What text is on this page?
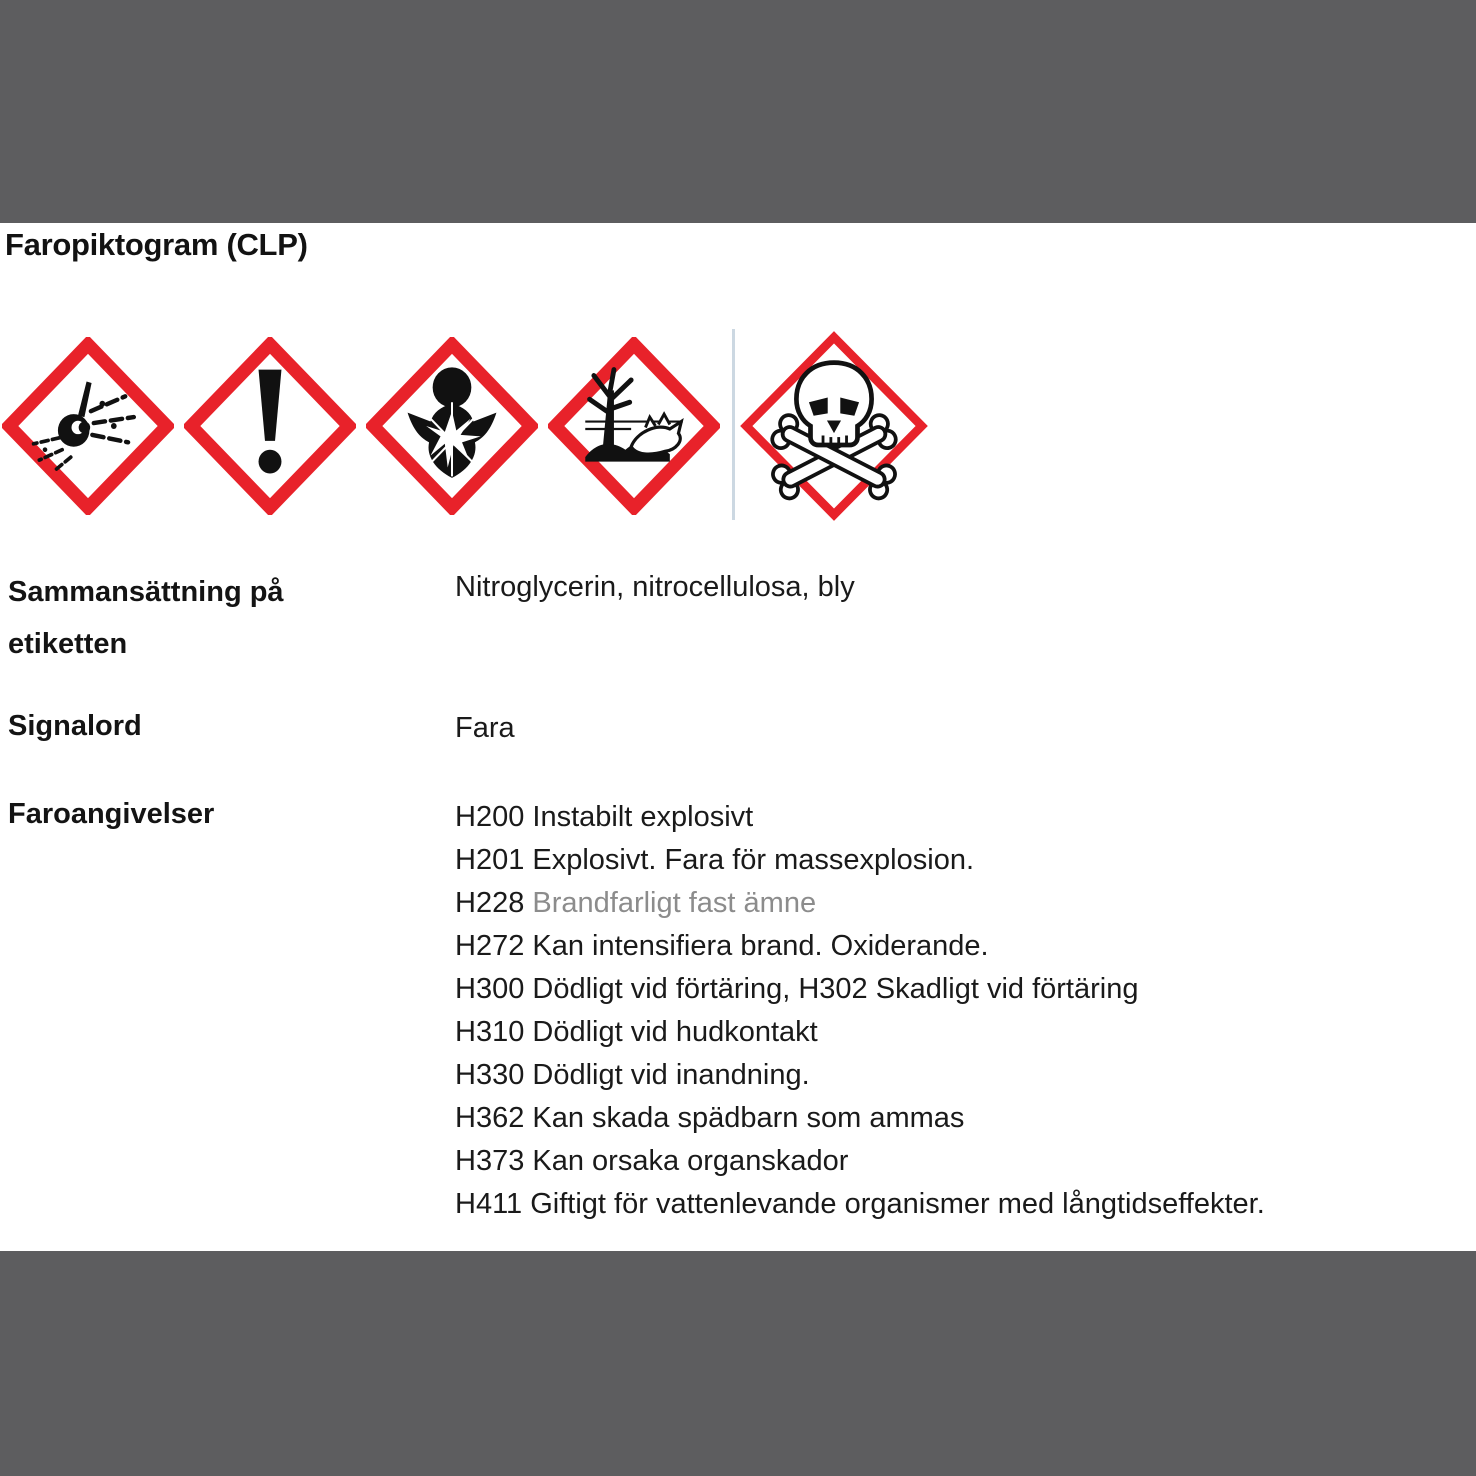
Faropiktogram (CLP)
Sammansättning på etiketten
Nitroglycerin, nitrocellulosa, bly
Signalord	Fara
Faroangivelser	H200 Instabilt explosivt
H201 Explosivt. Fara för massexplosion.
H228 Brandfarligt fast ämne
H272 Kan intensifiera brand. Oxiderande.
H300 Dödligt vid förtäring, H302 Skadligt vid förtäring
H310 Dödligt vid hudkontakt
H330 Dödligt vid inandning.
H362 Kan skada spädbarn som ammas
H373 Kan orsaka organskador
H411 Giftigt för vattenlevande organismer med långtidseffekter.
